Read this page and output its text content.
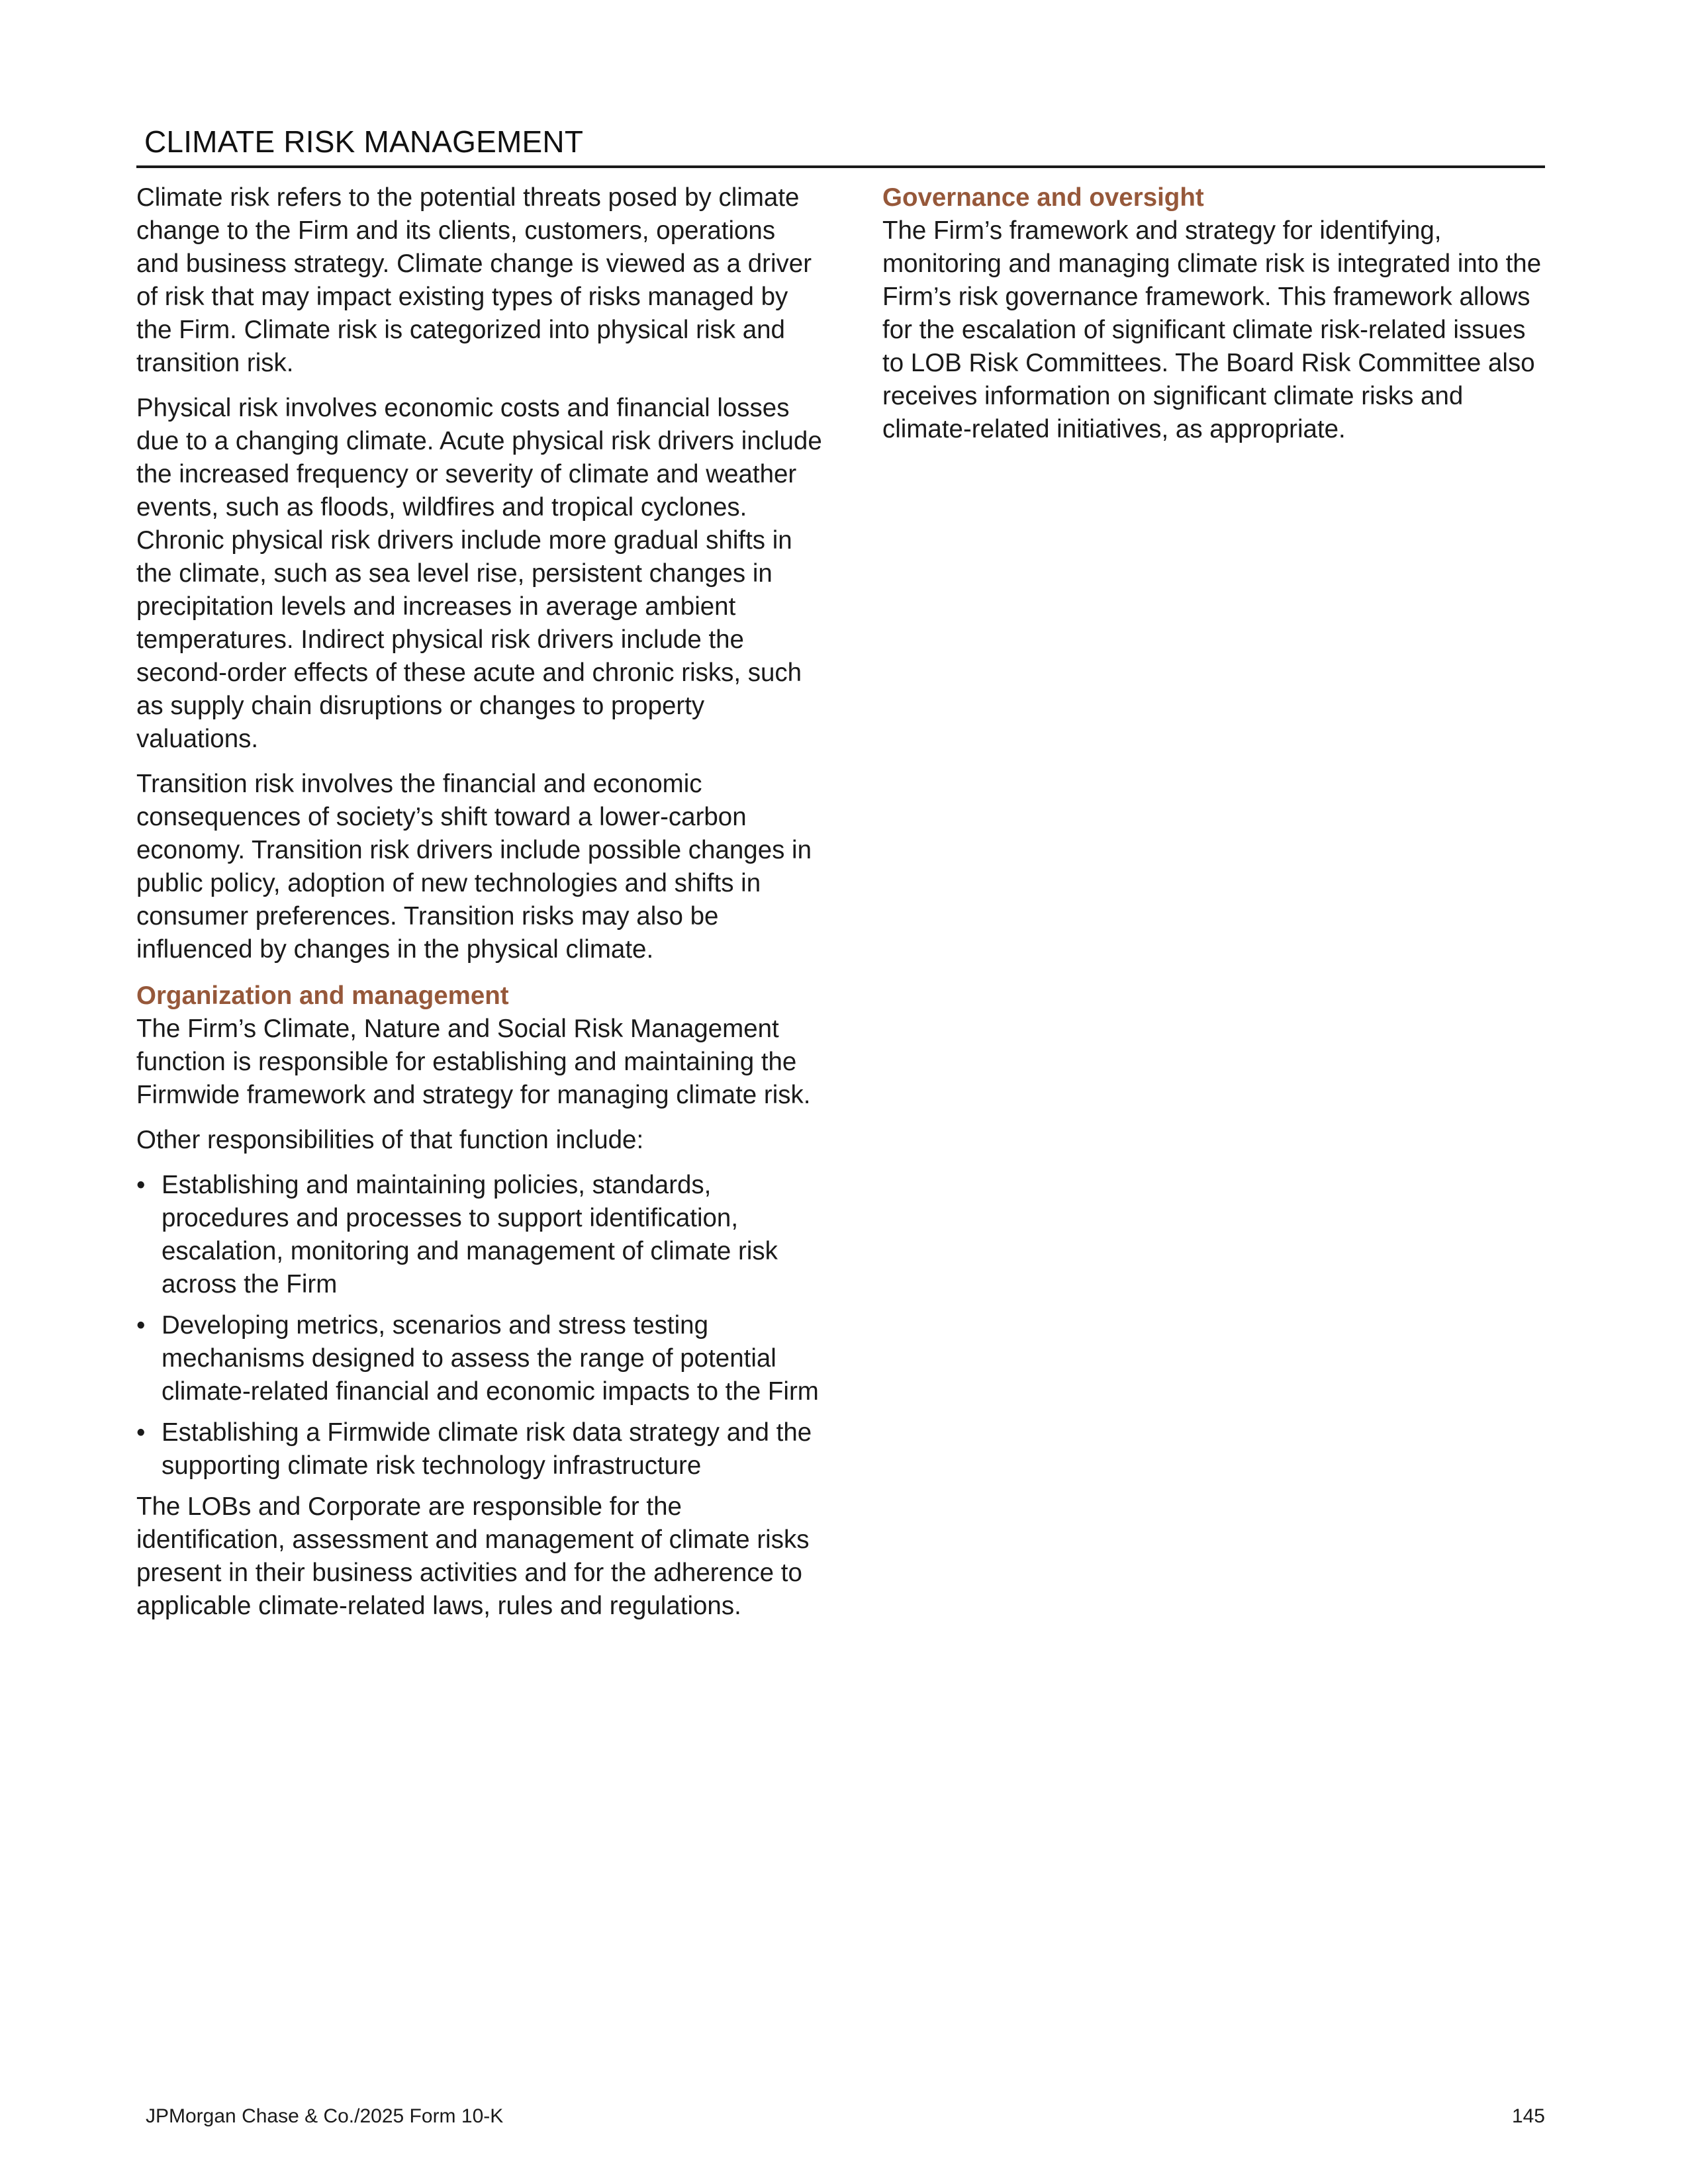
CLIMATE RISK MANAGEMENT

Climate risk refers to the potential threats posed by climate change to the Firm and its clients, customers, operations and business strategy. Climate change is viewed as a driver of risk that may impact existing types of risks managed by the Firm. Climate risk is categorized into physical risk and transition risk.

Physical risk involves economic costs and financial losses due to a changing climate. Acute physical risk drivers include the increased frequency or severity of climate and weather events, such as floods, wildfires and tropical cyclones. Chronic physical risk drivers include more gradual shifts in the climate, such as sea level rise, persistent changes in precipitation levels and increases in average ambient temperatures. Indirect physical risk drivers include the second-order effects of these acute and chronic risks, such as supply chain disruptions or changes to property valuations.

Transition risk involves the financial and economic consequences of society’s shift toward a lower-carbon economy. Transition risk drivers include possible changes in public policy, adoption of new technologies and shifts in consumer preferences. Transition risks may also be influenced by changes in the physical climate.

Organization and management

The Firm’s Climate, Nature and Social Risk Management function is responsible for establishing and maintaining the Firmwide framework and strategy for managing climate risk.

Other responsibilities of that function include:

• Establishing and maintaining policies, standards, procedures and processes to support identification, escalation, monitoring and management of climate risk across the Firm
• Developing metrics, scenarios and stress testing mechanisms designed to assess the range of potential climate-related financial and economic impacts to the Firm
• Establishing a Firmwide climate risk data strategy and the supporting climate risk technology infrastructure

The LOBs and Corporate are responsible for the identification, assessment and management of climate risks present in their business activities and for the adherence to applicable climate-related laws, rules and regulations.

Governance and oversight

The Firm’s framework and strategy for identifying, monitoring and managing climate risk is integrated into the Firm’s risk governance framework. This framework allows for the escalation of significant climate risk-related issues to LOB Risk Committees. The Board Risk Committee also receives information on significant climate risks and climate-related initiatives, as appropriate.

JPMorgan Chase & Co./2025 Form 10-K	145
